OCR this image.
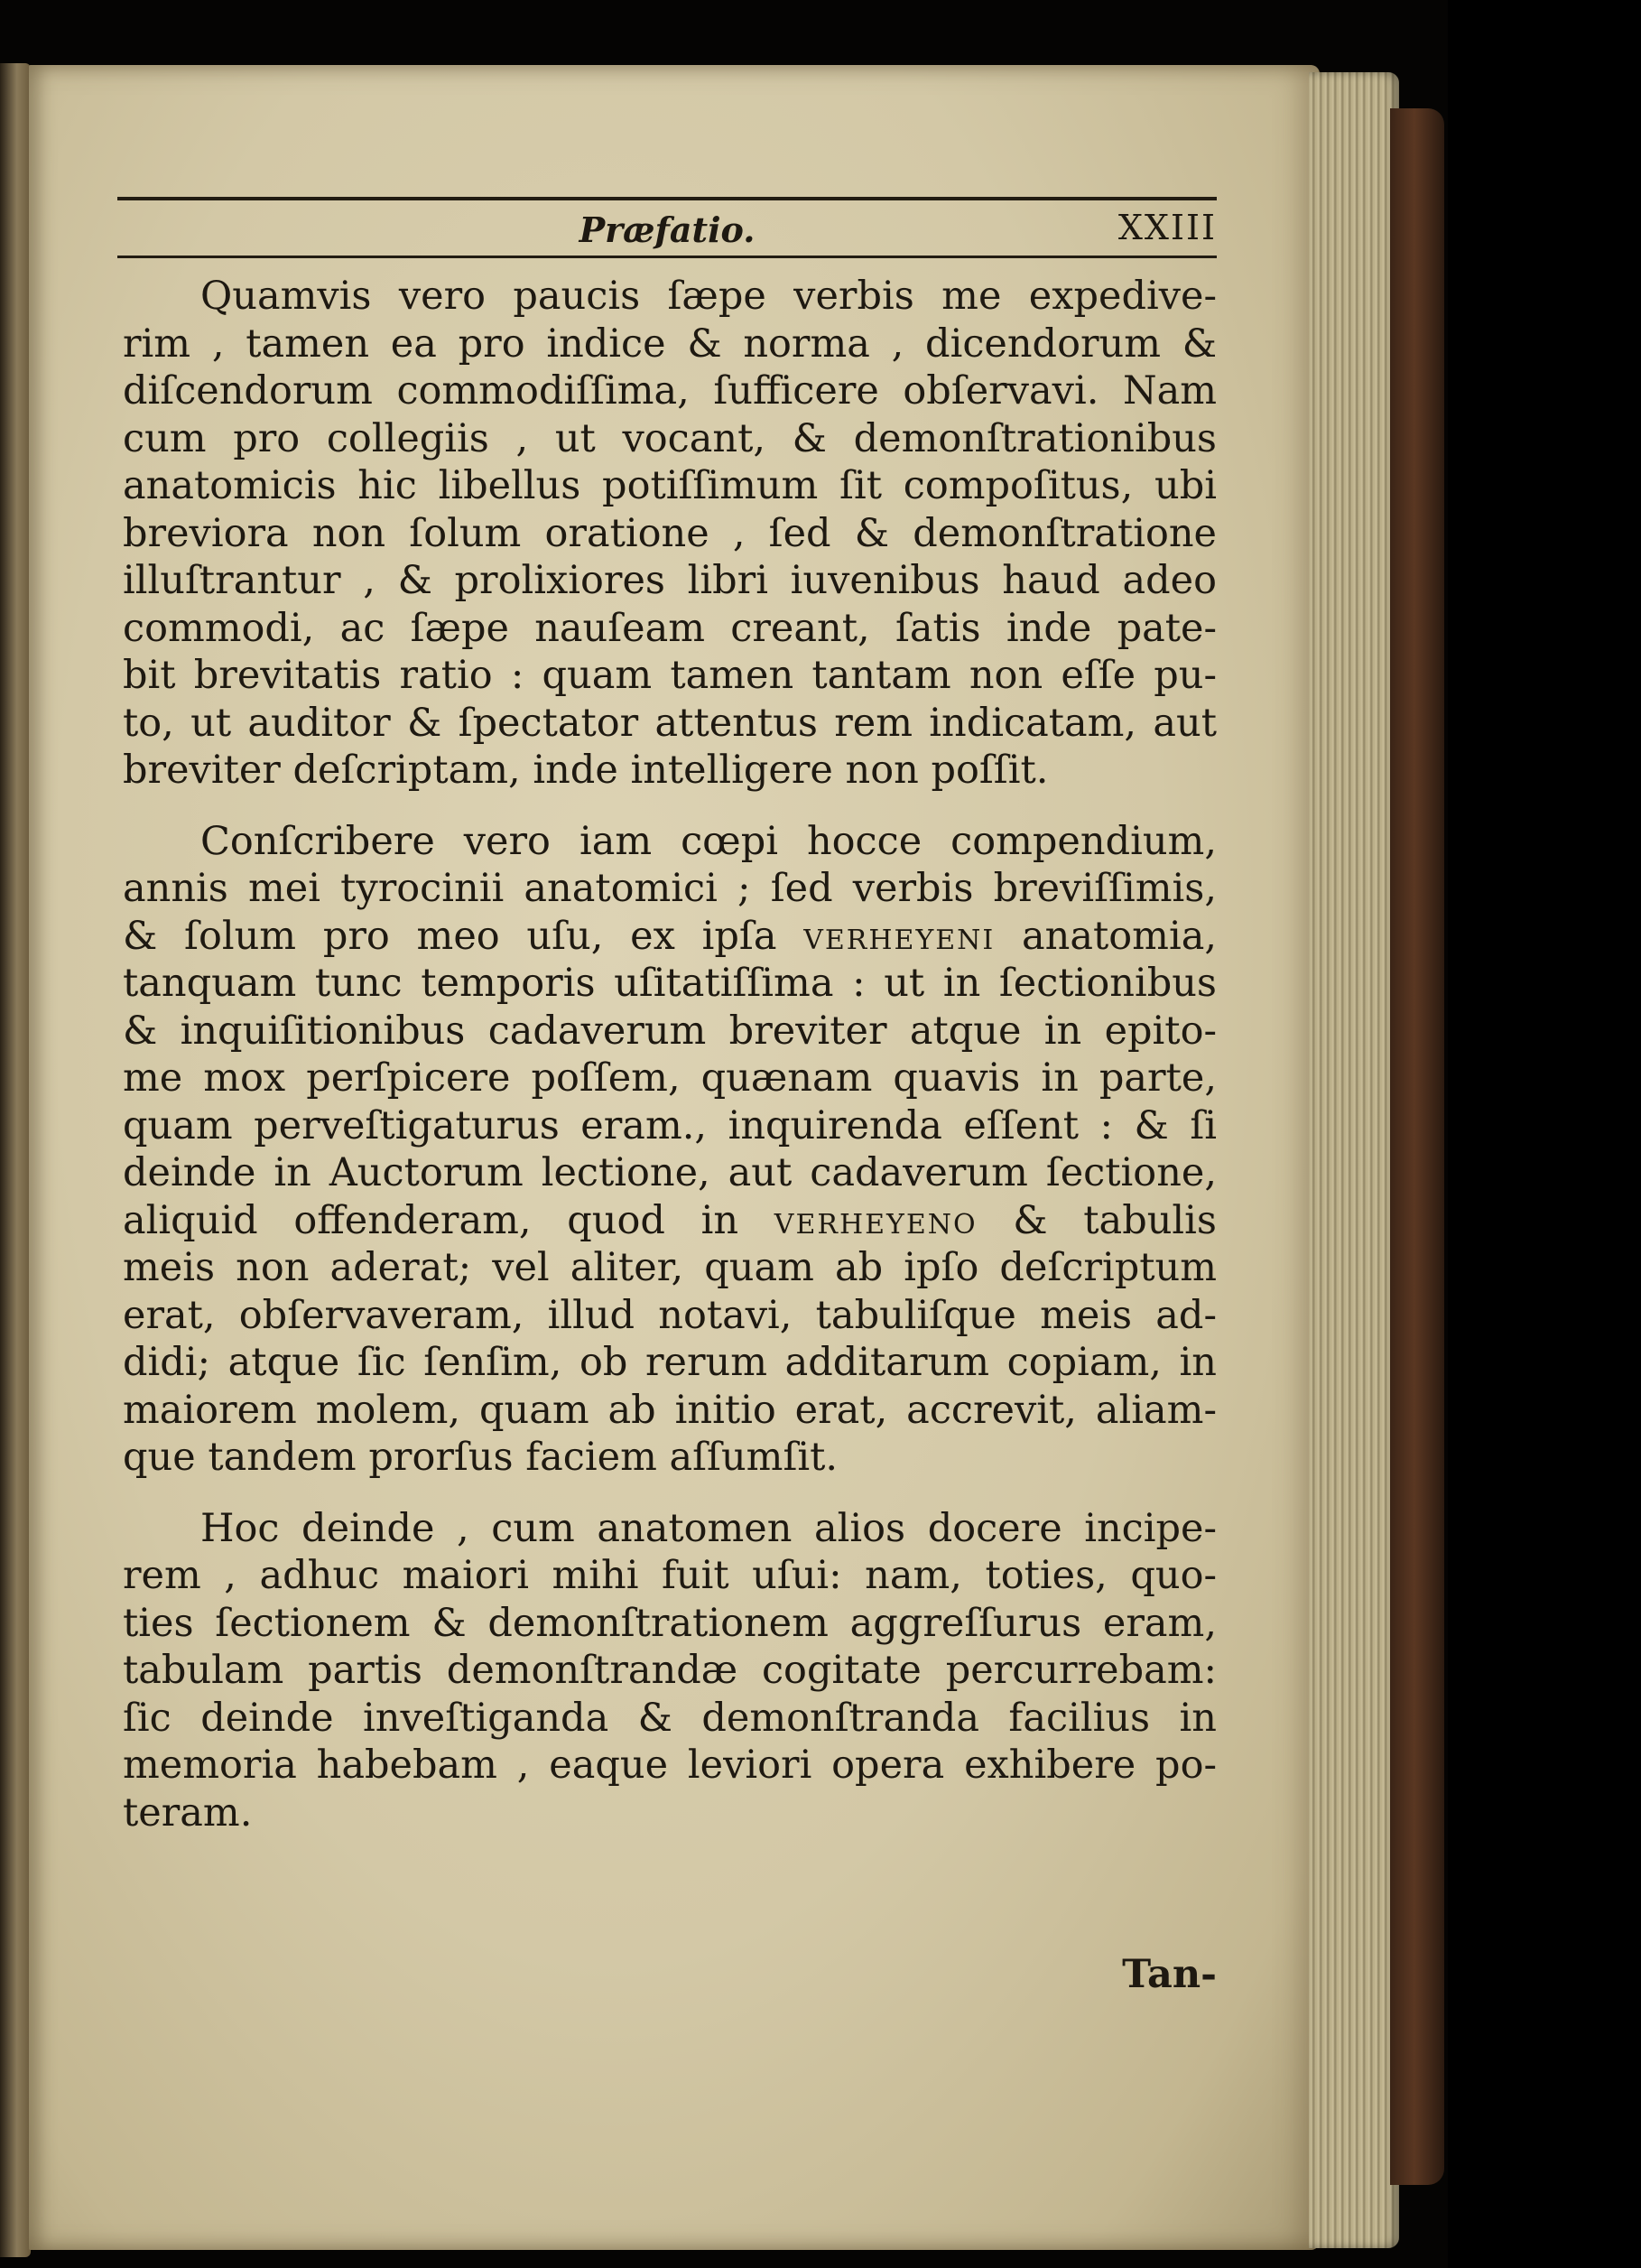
Præfatio.	XXIII
Quamvis vero paucis ſæpe verbis me expedive-
rim , tamen ea pro indice & norma , dicendorum &
diſcendorum commodiſſima, ſufficere obſervavi. Nam
cum pro collegiis , ut vocant, & demonſtrationibus
anatomicis hic libellus potiſſimum ſit compoſitus, ubi
breviora non ſolum oratione , ſed & demonſtratione
illuſtrantur , & prolixiores libri iuvenibus haud adeo
commodi, ac ſæpe nauſeam creant, ſatis inde pate-
bit brevitatis ratio : quam tamen tantam non eſſe pu-
to, ut auditor & ſpectator attentus rem indicatam, aut
breviter deſcriptam, inde intelligere non poſſit.
Conſcribere vero iam cœpi hocce compendium,
annis mei tyrocinii anatomici ; ſed verbis breviſſimis,
& ſolum pro meo uſu, ex ipſa verheyeni anatomia,
tanquam tunc temporis uſitatiſſima : ut in ſectionibus
& inquiſitionibus cadaverum breviter atque in epito-
me mox perſpicere poſſem, quænam quavis in parte,
quam perveſtigaturus eram., inquirenda eſſent : & ſi
deinde in Auctorum lectione, aut cadaverum ſectione,
aliquid offenderam, quod in verheyeno & tabulis
meis non aderat; vel aliter, quam ab ipſo deſcriptum
erat, obſervaveram, illud notavi, tabuliſque meis ad-
didi; atque ſic ſenſim, ob rerum additarum copiam, in
maiorem molem, quam ab initio erat, accrevit, aliam-
que tandem prorſus faciem aſſumſit.
Hoc deinde , cum anatomen alios docere incipe-
rem , adhuc maiori mihi fuit uſui: nam, toties, quo-
ties ſectionem & demonſtrationem aggreſſurus eram,
tabulam partis demonſtrandæ cogitate percurrebam:
ſic deinde inveſtiganda & demonſtranda facilius in
memoria habebam , eaque leviori opera exhibere po-
teram.
Tan-
